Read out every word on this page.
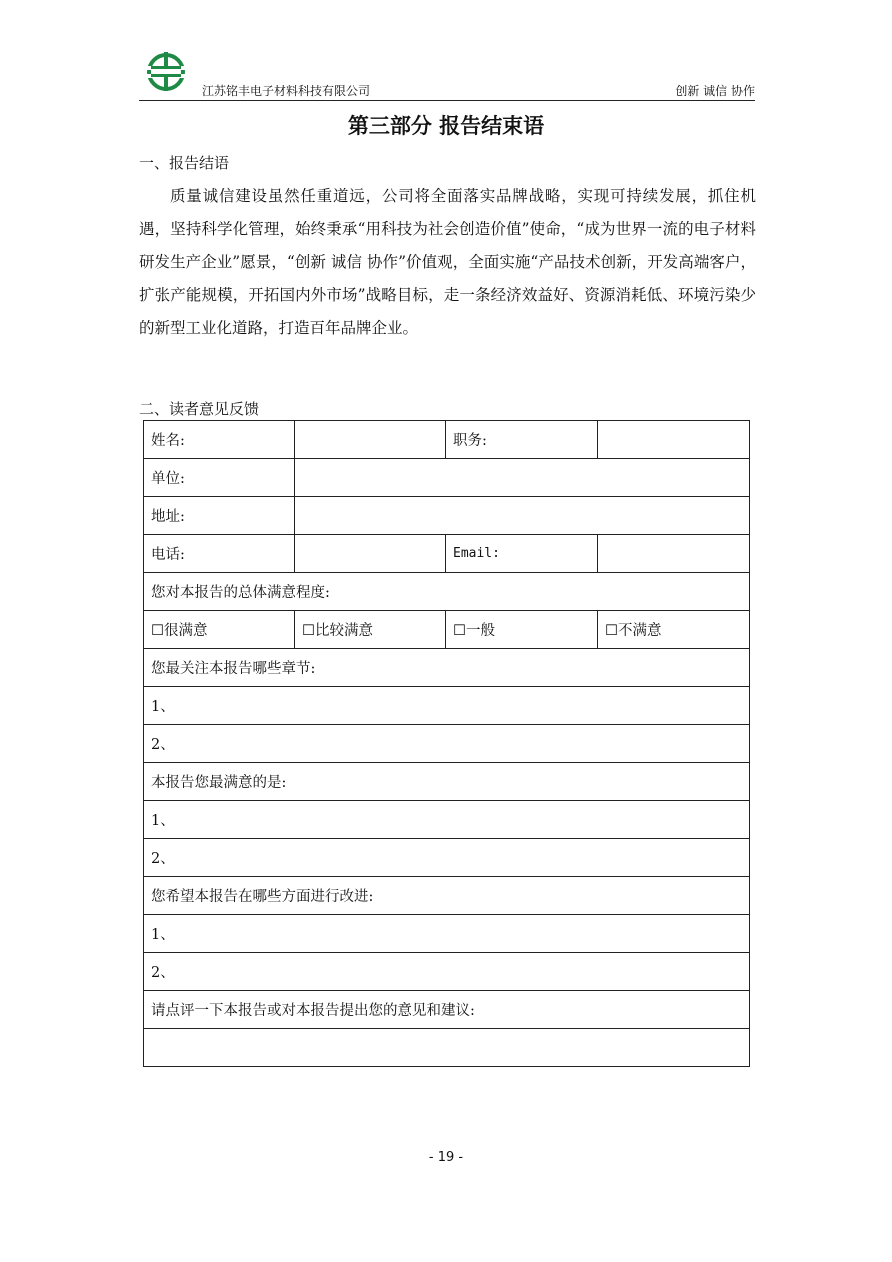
江苏铭丰电子材料科技有限公司	创新 诚信 协作
第三部分 报告结束语
一、报告结语

质量诚信建设虽然任重道远，公司将全面落实品牌战略，实现可持续发展，抓住机遇，坚持科学化管理，始终秉承“用科技为社会创造价值”使命，“成为世界一流的电子材料研发生产企业”愿景，“创新 诚信 协作”价值观，全面实施“产品技术创新，开发高端客户，扩张产能规模，开拓国内外市场”战略目标，走一条经济效益好、资源消耗低、环境污染少的新型工业化道路，打造百年品牌企业。

二、读者意见反馈
姓名:		职务:	
单位:			
地址:			
电话:		Email:	
您对本报告的总体满意程度:			
☐很满意	☐比较满意	☐一般	☐不满意
您最关注本报告哪些章节:			
1、			
2、			
本报告您最满意的是:			
1、			
2、			
您希望本报告在哪些方面进行改进:			
1、			
2、			
请点评一下本报告或对本报告提出您的意见和建议:			

- 19 -
